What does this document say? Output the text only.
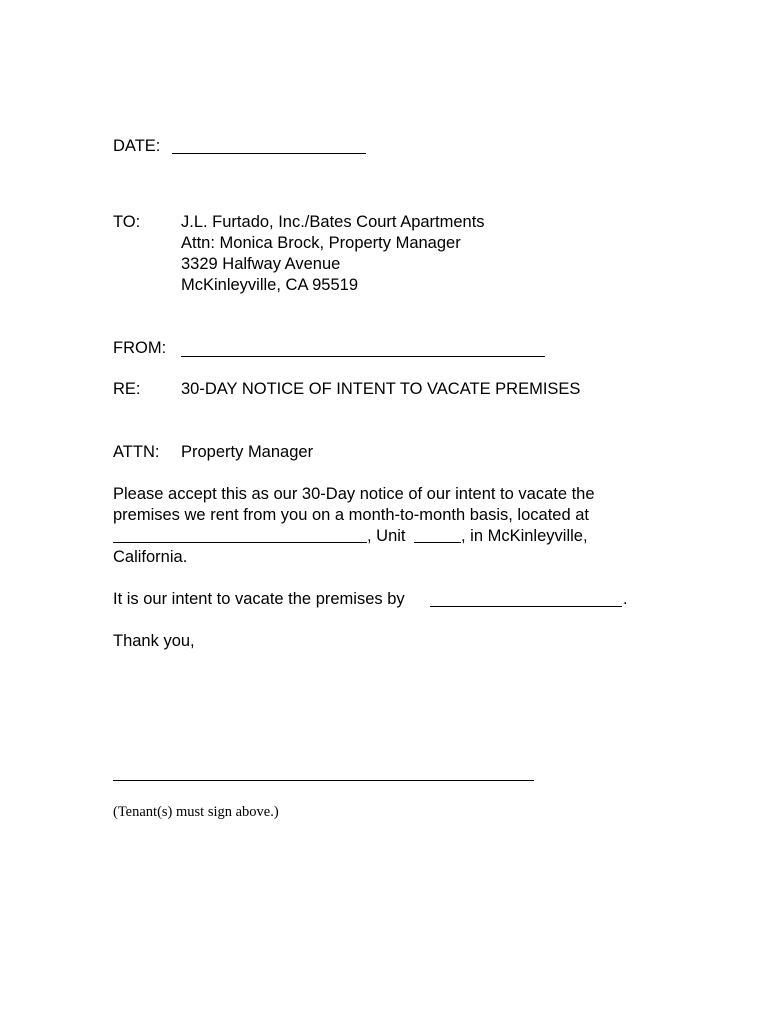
DATE:
TO: J.L. Furtado, Inc./Bates Court Apartments
Attn: Monica Brock, Property Manager
3329 Halfway Avenue
McKinleyville, CA 95519
FROM:
RE: 30-DAY NOTICE OF INTENT TO VACATE PREMISES
ATTN: Property Manager
Please accept this as our 30-Day notice of our intent to vacate the
premises we rent from you on a month-to-month basis, located at
, Unit	, in McKinleyville,
California.
It is our intent to vacate the premises by	.
Thank you,
(Tenant(s) must sign above.)
